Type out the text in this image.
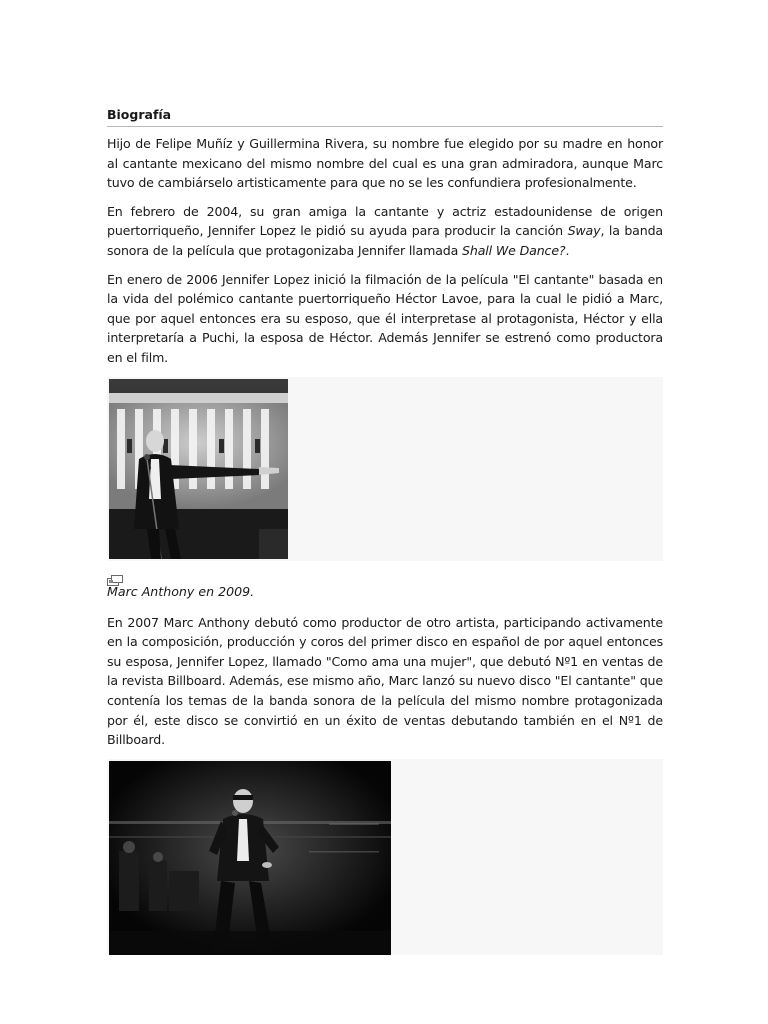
Biografía

Hijo de Felipe Muñíz y Guillermina Rivera, su nombre fue elegido por su madre en honor al cantante mexicano del mismo nombre del cual es una gran admiradora, aunque Marc tuvo de cambiárselo artisticamente para que no se les confundiera profesionalmente.

En febrero de 2004, su gran amiga la cantante y actriz estadounidense de origen puertorriqueño, Jennifer Lopez le pidió su ayuda para producir la canción Sway, la banda sonora de la película que protagonizaba Jennifer llamada Shall We Dance?.

En enero de 2006 Jennifer Lopez inició la filmación de la película "El cantante" basada en la vida del polémico cantante puertorriqueño Héctor Lavoe, para la cual le pidió a Marc, que por aquel entonces era su esposo, que él interpretase al protagonista, Héctor y ella interpretaría a Puchi, la esposa de Héctor. Además Jennifer se estrenó como productora en el film.

Marc Anthony en 2009.

En 2007 Marc Anthony debutó como productor de otro artista, participando activamente en la composición, producción y coros del primer disco en español de por aquel entonces su esposa, Jennifer Lopez, llamado "Como ama una mujer", que debutó Nº1 en ventas de la revista Billboard. Además, ese mismo año, Marc lanzó su nuevo disco "El cantante" que contenía los temas de la banda sonora de la película del mismo nombre protagonizada por él, este disco se convirtió en un éxito de ventas debutando también en el Nº1 de Billboard.
